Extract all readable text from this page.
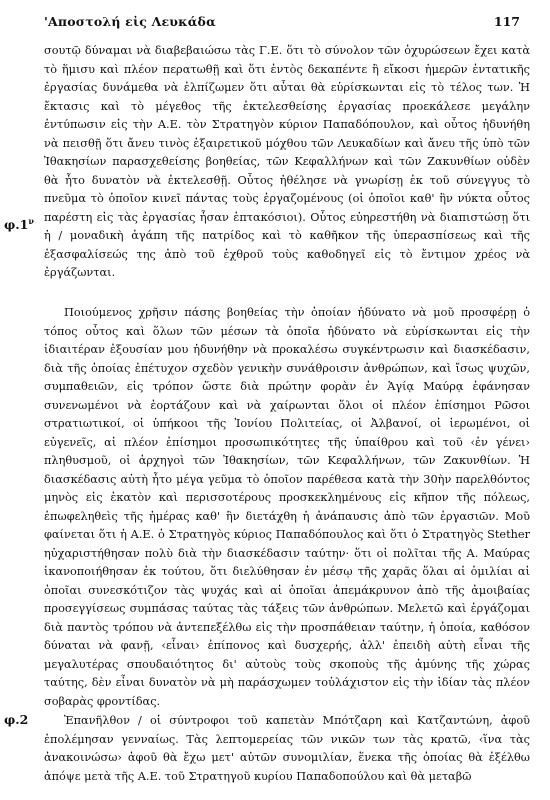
'Αποστολή εἰς Λευκάδα	117
$\varphi.1^\nu$
φ.2

σουτῷ δύναμαι νὰ διαβεβαιώσω τὰς Γ.Ε. ὅτι τὸ σύνολον τῶν ὀχυρώσεων ἔχει κατὰ τὸ ἥμισυ καὶ πλέον περατωθῇ καὶ ὅτι ἐντὸς δεκαπέντε ἢ εἴκοσι ἡμερῶν ἐντατικῆς ἐργασίας δυνάμεθα νὰ ἐλπίζωμεν ὅτι αὗται θὰ εὑρίσκωνται εἰς τὸ τέλος των. Ἡ ἔκτασις καὶ τὸ μέγεθος τῆς ἐκτελεσθείσης ἐργασίας προεκάλεσε μεγάλην ἐντύπωσιν εἰς τὴν Α.Ε. τὸν Στρατηγὸν κύριον Παπαδόπουλον, καὶ οὗτος ἡδυνήθη νὰ πεισθῇ ὅτι ἄνευ τινὸς ἐξαιρετικοῦ μόχθου τῶν Λευκαδίων καὶ ἄνευ τῆς ὑπὸ τῶν Ἰθακησίων παρασχεθείσης βοηθείας, τῶν Κεφαλλήνων καὶ τῶν Ζακυνθίων οὐδὲν θὰ ἦτο δυνατὸν νὰ ἐκτελεσθῇ. Οὗτος ἠθέλησε νὰ γνωρίσῃ ἐκ τοῦ σύνεγγυς τὸ πνεῦμα τὸ ὁποῖον κινεῖ πάντας τοὺς ἐργαζομένους (οἱ ὁποῖοι καθ' ἣν νύκτα οὗτος παρέστη εἰς τὰς ἐργασίας ἦσαν ἑπτακόσιοι). Οὗτος εὐηρεστήθη νὰ διαπιστώσῃ ὅτι ἡ / μοναδικὴ ἀγάπη τῆς πατρίδος καὶ τὸ καθῆκον τῆς ὑπερασπίσεως καὶ τῆς ἐξασφαλίσεώς της ἀπὸ τοῦ ἐχθροῦ τοὺς καθοδηγεῖ εἰς τὸ ἔντιμον χρέος νὰ ἐργάζωνται.

Ποιούμενος χρῆσιν πάσης βοηθείας τὴν ὁποίαν ἠδύνατο νὰ μοῦ προσφέρῃ ὁ τόπος οὗτος καὶ ὅλων τῶν μέσων τὰ ὁποῖα ἠδύνατο νὰ εὑρίσκωνται εἰς τὴν ἰδιαιτέραν ἐξουσίαν μου ἠδυνήθην νὰ προκαλέσω συγκέντρωσιν καὶ διασκέδασιν, διὰ τῆς ὁποίας ἐπέτυχον σχεδὸν γενικὴν συνάθροισιν ἀνθρώπων, καὶ ἴσως ψυχῶν, συμπαθειῶν, εἰς τρόπον ὥστε διὰ πρώτην φορὰν ἐν Ἁγίᾳ Μαύρᾳ ἐφάνησαν συνενωμένοι νὰ ἑορτάζουν καὶ νὰ χαίρωνται ὅλοι οἱ πλέον ἐπίσημοι Ρῶσοι στρατιωτικοί, οἱ ὑπήκοοι τῆς Ἰονίου Πολιτείας, οἱ Ἀλβανοί, οἱ ἱερωμένοι, οἱ εὐγενεῖς, αἱ πλέον ἐπίσημοι προσωπικότητες τῆς ὑπαίθρου καὶ τοῦ ‹ἐν γένει› πληθυσμοῦ, οἱ ἀρχηγοὶ τῶν Ἰθακησίων, τῶν Κεφαλλήνων, τῶν Ζακυνθίων. Ἡ διασκέδασις αὐτὴ ἦτο μέγα γεῦμα τὸ ὁποῖον παρέθεσα κατὰ τὴν 30ὴν παρελθόντος μηνὸς εἰς ἑκατὸν καὶ περισσοτέρους προσκεκλημένους εἰς κῆπον τῆς πόλεως, ἐπωφεληθεὶς τῆς ἡμέρας καθ' ἣν διετάχθη ἡ ἀνάπαυσις ἀπὸ τῶν ἐργασιῶν. Μοῦ φαίνεται ὅτι ἡ Α.Ε. ὁ Στρατηγὸς κύριος Παπαδόπουλος καὶ ὅτι ὁ Στρατηγὸς Stether ηὐχαριστήθησαν πολὺ διὰ τὴν διασκέδασιν ταύτην· ὅτι οἱ πολῖται τῆς Α. Μαύρας ἱκανοποιήθησαν ἐκ τούτου, ὅτι διελύθησαν ἐν μέσῳ τῆς χαρᾶς ὅλαι αἱ ὁμιλίαι αἱ ὁποῖαι συνεσκότιζον τὰς ψυχάς καὶ αἱ ὁποῖαι ἀπεμάκρυνον ἀπὸ τῆς ἀμοιβαίας προσεγγίσεως συμπάσας ταύτας τὰς τάξεις τῶν ἀνθρώπων. Μελετῶ καὶ ἐργάζομαι διὰ παντὸς τρόπου νὰ ἀντεπεξέλθω εἰς τὴν προσπάθειαν ταύτην, ἡ ὁποία, καθόσον δύναται νὰ φανῇ, ‹εἶναι› ἐπίπονος καὶ δυσχερής, ἀλλ' ἐπειδὴ αὐτὴ εἶναι τῆς μεγαλυτέρας σπουδαιότητος δι' αὐτοὺς τοὺς σκοποὺς τῆς ἀμύνης τῆς χώρας ταύτης, δὲν εἶναι δυνατὸν νὰ μὴ παράσχωμεν τοὐλάχιστον εἰς τὴν ἰδίαν τὰς πλέον σοβαρὰς φροντίδας.

Ἐπανῆλθον / οἱ σύντροφοι τοῦ καπετὰν Μπότζαρη καὶ Κατζαντώνη, ἀφοῦ ἐπολέμησαν γενναίως. Τὰς λεπτομερείας τῶν νικῶν των τὰς κρατῶ, ‹ἵνα τὰς ἀνακοινώσω› ἀφοῦ θὰ ἔχω μετ' αὐτῶν συνομιλίαν, ἕνεκα τῆς ὁποίας θὰ ἐξέλθω ἀπόψε μετὰ τῆς Α.Ε. τοῦ Στρατηγοῦ κυρίου Παπαδοπούλου καὶ θὰ μεταβῶ
